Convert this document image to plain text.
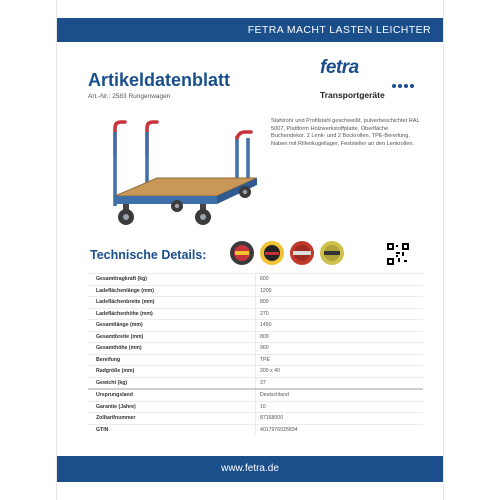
FETRA MACHT LASTEN LEICHTER
Artikeldatenblatt
Art.-Nr.: 2583 Rungenwagen
fetra
Transportgeräte
Stahlrohr und Profilstahl geschweißt, pulverbeschichtet RAL 5007, Plattform Holzwerkstoffplatte, Oberfläche Buchendekor. 2 Lenk- und 2 Bockrollen, TPE-Bereifung, Naben mit Rillenkugellager, Feststeller an den Lenkrollen.
Technische Details:
Gesamttragkraft (kg)	600
Ladeflächenlänge (mm)	1200
Ladeflächenbreite (mm)	800
Ladeflächenhöhe (mm)	270
Gesamtlänge (mm)	1450
Gesamtbreite (mm)	809
Gesamthöhe (mm)	960
Bereifung	TPE
Radgröße (mm)	200 x 40
Gewicht (kg)	37
Ursprungsland	Deutschland
Garantie (Jahre)	10
Zolltarifnummer	87168000
GTIN	4017976025834
www.fetra.de
